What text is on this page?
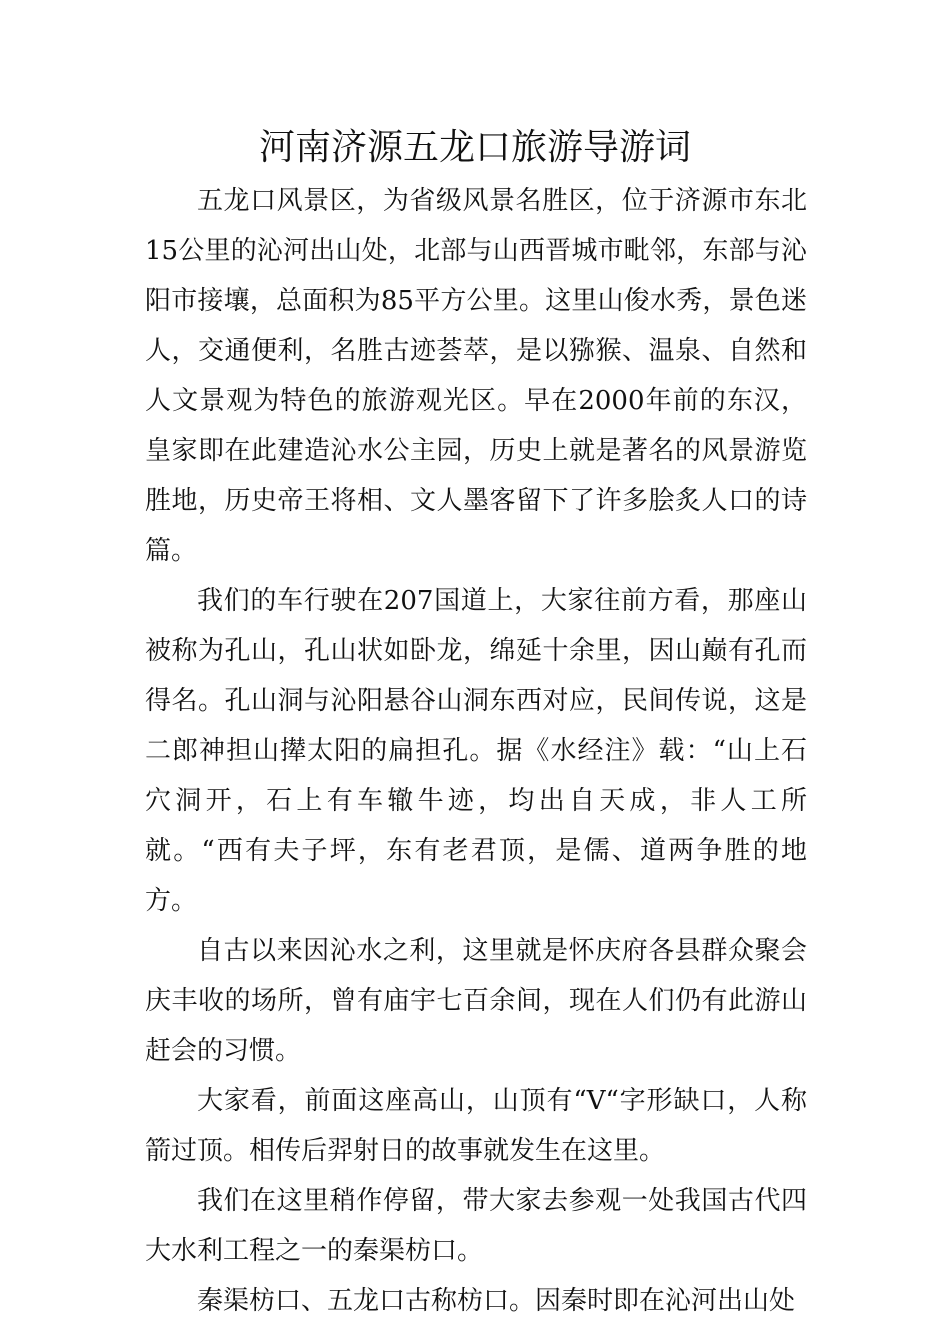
河南济源五龙口旅游导游词

五龙口风景区，为省级风景名胜区，位于济源市东北15公里的沁河出山处，北部与山西晋城市毗邻，东部与沁阳市接壤，总面积为85平方公里。这里山俊水秀，景色迷人，交通便利，名胜古迹荟萃，是以猕猴、温泉、自然和人文景观为特色的旅游观光区。早在2000年前的东汉，皇家即在此建造沁水公主园，历史上就是著名的风景游览胜地，历史帝王将相、文人墨客留下了许多脍炙人口的诗篇。

我们的车行驶在207国道上，大家往前方看，那座山被称为孔山，孔山状如卧龙，绵延十余里，因山巅有孔而得名。孔山洞与沁阳悬谷山洞东西对应，民间传说，这是二郎神担山撵太阳的扁担孔。据《水经注》载：“山上石穴洞开，石上有车辙牛迹，均出自天成，非人工所就。“西有夫子坪，东有老君顶，是儒、道两争胜的地方。

自古以来因沁水之利，这里就是怀庆府各县群众聚会庆丰收的场所，曾有庙宇七百余间，现在人们仍有此游山赶会的习惯。

大家看，前面这座高山，山顶有“V“字形缺口，人称箭过顶。相传后羿射日的故事就发生在这里。

我们在这里稍作停留，带大家去参观一处我国古代四大水利工程之一的秦渠枋口。

秦渠枋口、五龙口古称枋口。因秦时即在沁河出山处
